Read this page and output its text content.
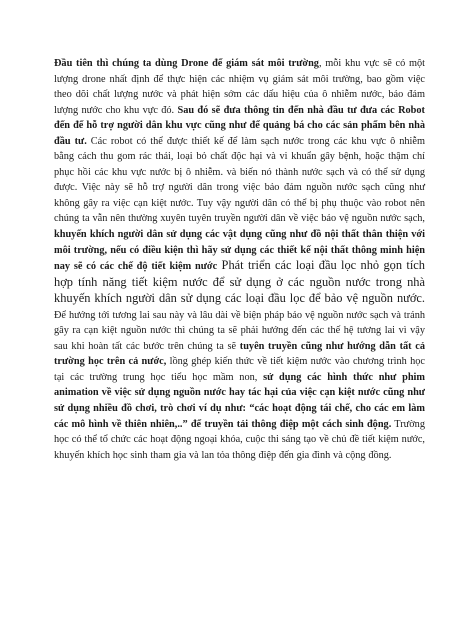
Đầu tiên thì chúng ta dùng Drone để giám sát môi trường, mỗi khu vực sẽ có một lượng drone nhất định để thực hiện các nhiệm vụ giám sát môi trường, bao gồm việc theo dõi chất lượng nước và phát hiện sớm các dấu hiệu của ô nhiễm nước, bảo đảm lượng nước cho khu vực đó. Sau đó sẽ đưa thông tin đến nhà đầu tư đưa các Robot đến để hỗ trợ người dân khu vực cũng như để quảng bá cho các sản phẩm bên nhà đầu tư. Các robot có thể được thiết kế để làm sạch nước trong các khu vực ô nhiễm bằng cách thu gom rác thải, loại bỏ chất độc hại và vi khuẩn gây bệnh, hoặc thậm chí phục hồi các khu vực nước bị ô nhiễm. và biến nó thành nước sạch và có thể sử dụng được. Việc này sẽ hỗ trợ người dân trong việc bảo đảm nguồn nước sạch cũng như không gây ra việc cạn kiệt nước. Tuy vậy người dân có thể bị phụ thuộc vào robot nên chúng ta vẫn nên thường xuyên tuyên truyền người dân về việc bảo vệ nguồn nước sạch, khuyến khích người dân sử dụng các vật dụng cũng như đồ nội thất thân thiện với môi trường, nếu có điều kiện thì hãy sử dụng các thiết kế nội thất thông minh hiện nay sẽ có các chế độ tiết kiệm nước Phát triển các loại đầu lọc nhỏ gọn tích hợp tính năng tiết kiệm nước để sử dụng ở các nguồn nước trong nhà khuyến khích người dân sử dụng các loại đầu lọc để bảo vệ nguồn nước. Để hướng tới tương lai sau này và lâu dài về biện pháp bảo vệ nguồn nước sạch và tránh gây ra cạn kiệt nguồn nước thì chúng ta sẽ phải hướng đến các thế hệ tương lai vì vậy sau khi hoàn tất các bước trên chúng ta sẽ tuyên truyền cũng như hướng dẫn tất cả trường học trên cả nước, lồng ghép kiến thức về tiết kiệm nước vào chương trình học tại các trường trung học tiểu học mầm non, sử dụng các hình thức như phim animation về việc sử dụng nguồn nước hay tác hại của việc cạn kiệt nước cũng như sử dụng nhiều đồ chơi, trò chơi ví dụ như: “các hoạt động tái chế, cho các em làm các mô hình về thiên nhiên,..” để truyền tải thông điệp một cách sinh động. Trường học có thể tổ chức các hoạt động ngoại khóa, cuộc thi sáng tạo về chủ đề tiết kiệm nước, khuyến khích học sinh tham gia và lan tỏa thông điệp đến gia đình và cộng đồng.
